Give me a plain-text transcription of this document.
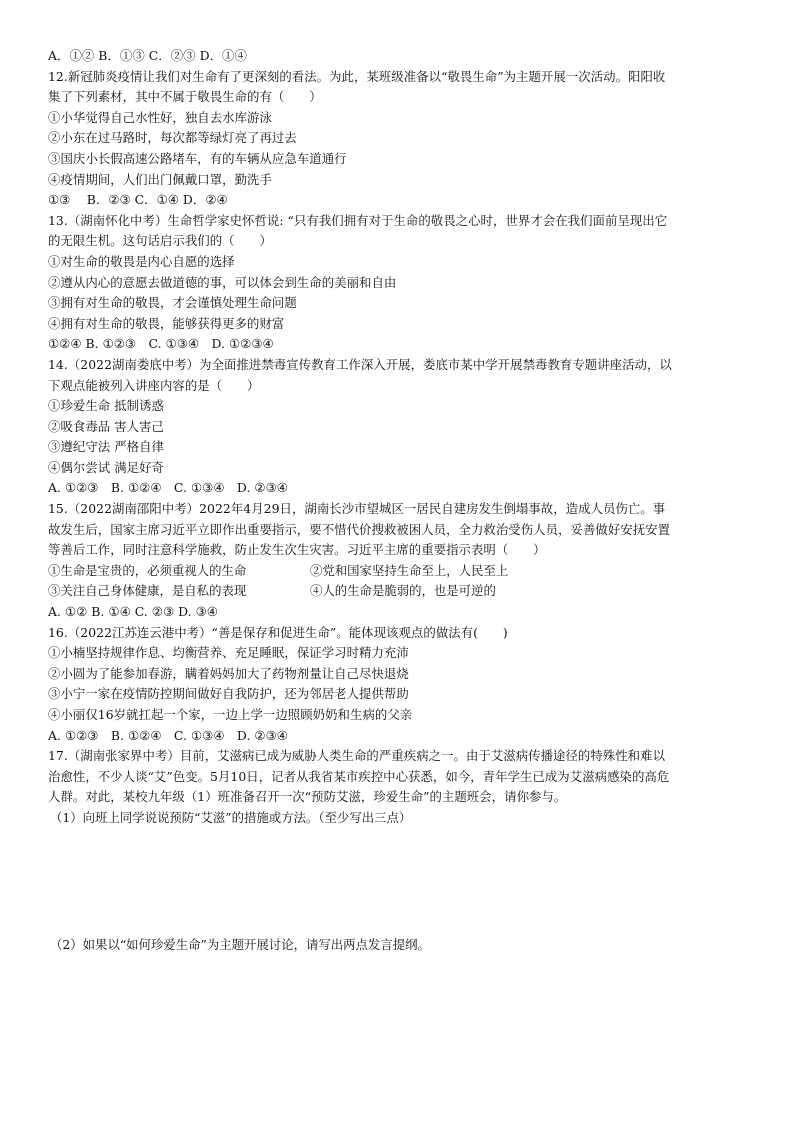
A．①② B．①③ C．②③ D．①④
12.新冠肺炎疫情让我们对生命有了更深刻的看法。为此，某班级准备以“敬畏生命”为主题开展一次活动。阳阳收
集了下列素材，其中不属于敬畏生命的有（　　）
①小华觉得自己水性好，独自去水库游泳
②小东在过马路时，每次都等绿灯亮了再过去
③国庆小长假高速公路堵车，有的车辆从应急车道通行
④疫情期间，人们出门佩戴口罩，勤洗手
①③　 B．②③ C．①④ D．②④
13.（湖南怀化中考）生命哲学家史怀哲说: “只有我们拥有对于生命的敬畏之心时，世界才会在我们面前呈现出它
的无限生机。这句话启示我们的（　　）
①对生命的敬畏是内心自愿的选择
②遵从内心的意愿去做道德的事，可以体会到生命的美丽和自由
③拥有对生命的敬畏，才会谨慎处理生命问题
④拥有对生命的敬畏，能够获得更多的财富
①②④ B. ①②③　C. ①③④　D. ①②③④
14.（2022湖南娄底中考）为全面推进禁毒宣传教育工作深入开展，娄底市某中学开展禁毒教育专题讲座活动，以
下观点能被列入讲座内容的是（　　）
①珍爱生命 抵制诱惑
②吸食毒品 害人害己
③遵纪守法 严格自律
④偶尔尝试 满足好奇
A. ①②③　B. ①②④　C. ①③④　D. ②③④
15.（2022湖南邵阳中考）2022年4月29日，湖南长沙市望城区一居民自建房发生倒塌事故，造成人员伤亡。事
故发生后，国家主席习近平立即作出重要指示，要不惜代价搜救被困人员，全力救治受伤人员，妥善做好安抚安置
等善后工作，同时注意科学施救，防止发生次生灾害。习近平主席的重要指示表明（　　）
①生命是宝贵的，必须重视人的生命	②党和国家坚持生命至上，人民至上
③关注自己身体健康，是自私的表现	④人的生命是脆弱的，也是可逆的
A. ①② B. ①④ C. ②③ D. ③④
16.（2022江苏连云港中考）“善是保存和促进生命”。能体现该观点的做法有(　　)
①小楠坚持规律作息、均衡营养、充足睡眠，保证学习时精力充沛
②小圆为了能参加春游，瞒着妈妈加大了药物剂量让自己尽快退烧
③小宁一家在疫情防控期间做好自我防护，还为邻居老人提供帮助
④小丽仅16岁就扛起一个家，一边上学一边照顾奶奶和生病的父亲
A. ①②③　B. ①②④　C. ①③④　D. ②③④
17.（湖南张家界中考）目前，艾滋病已成为威胁人类生命的严重疾病之一。由于艾滋病传播途径的特殊性和难以
治愈性，不少人谈“艾”色变。5月10日，记者从我省某市疾控中心获悉，如今，青年学生已成为艾滋病感染的高危
人群。对此，某校九年级（1）班准备召开一次“预防艾滋，珍爱生命”的主题班会，请你参与。
（1）向班上同学说说预防“艾滋”的措施或方法。（至少写出三点）
（2）如果以“如何珍爱生命”为主题开展讨论，请写出两点发言提纲。
